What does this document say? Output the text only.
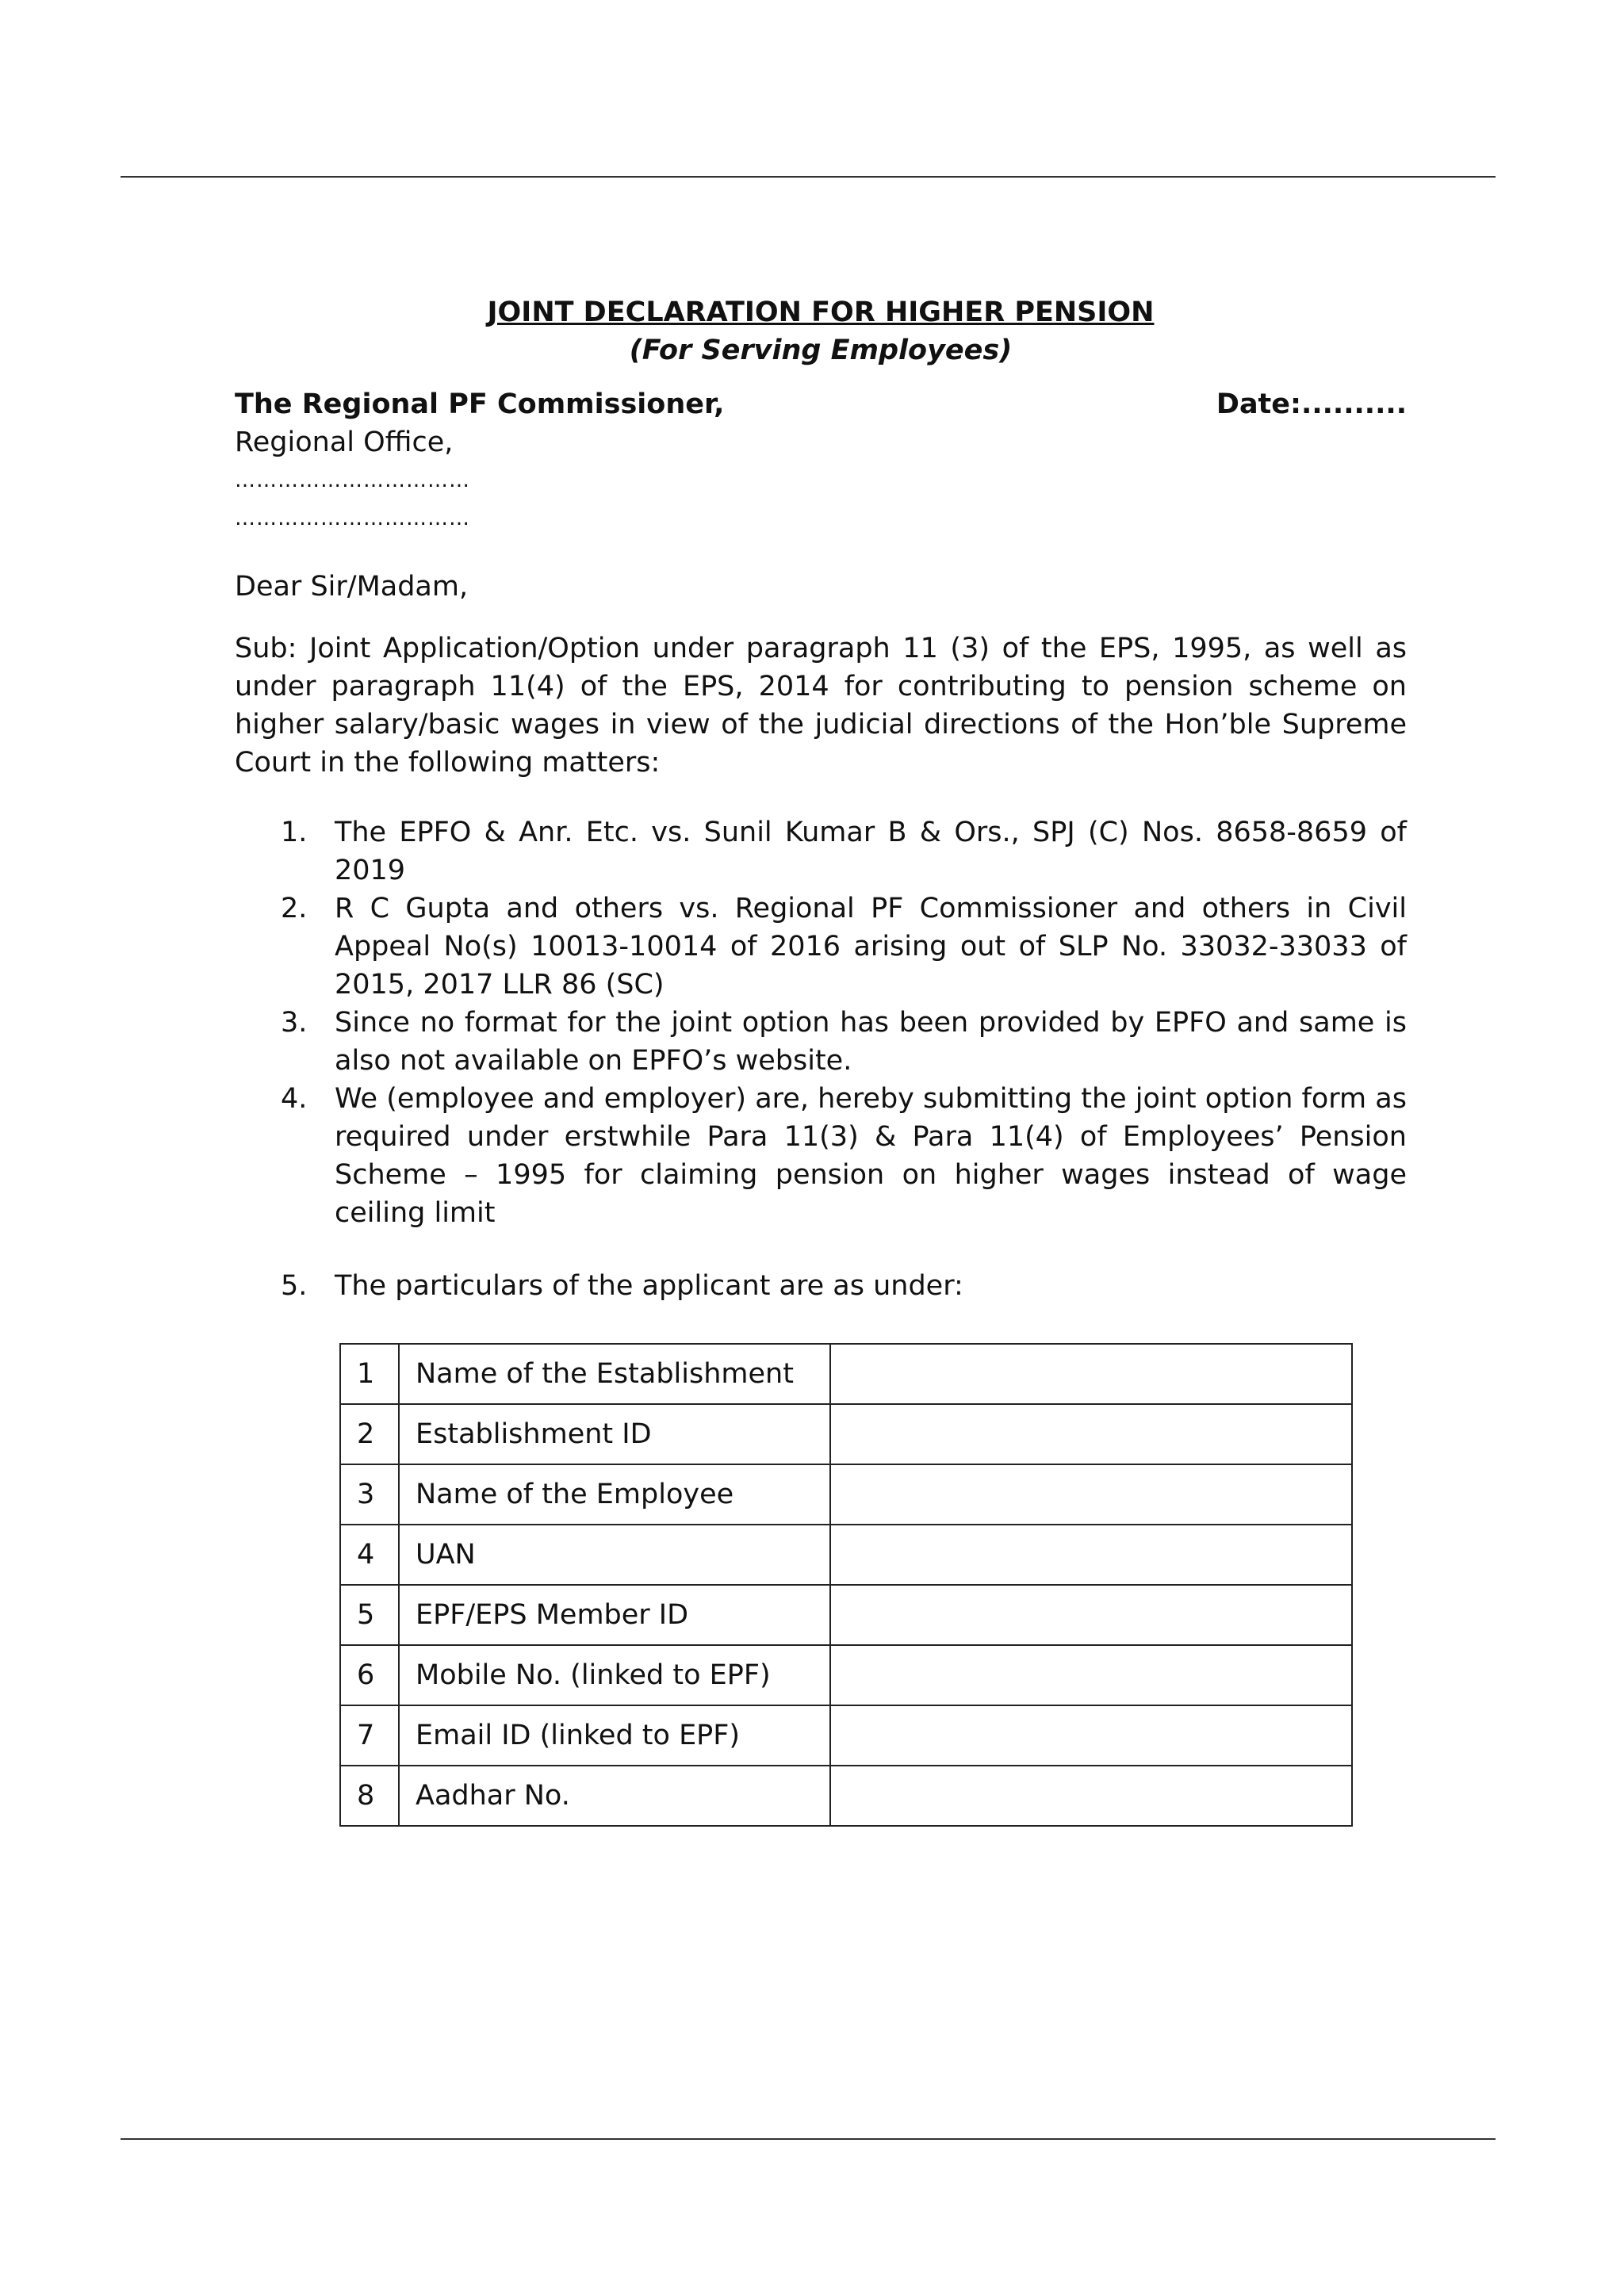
JOINT DECLARATION FOR HIGHER PENSION

(For Serving Employees)

The Regional PF Commissioner,	Date:..........

Regional Office,

……………………………

……………………………

Dear Sir/Madam,

Sub: Joint Application/Option under paragraph 11 (3) of the EPS, 1995, as well as under paragraph 11(4) of the EPS, 2014 for contributing to pension scheme on higher salary/basic wages in view of the judicial directions of the Hon’ble Supreme Court in the following matters:

1. The EPFO & Anr. Etc. vs. Sunil Kumar B & Ors., SPJ (C) Nos. 8658-8659 of 2019
2. R C Gupta and others vs. Regional PF Commissioner and others in Civil Appeal No(s) 10013-10014 of 2016 arising out of SLP No. 33032-33033 of 2015, 2017 LLR 86 (SC)
3. Since no format for the joint option has been provided by EPFO and same is also not available on EPFO’s website.
4. We (employee and employer) are, hereby submitting the joint option form as required under erstwhile Para 11(3) & Para 11(4) of Employees’ Pension Scheme – 1995 for claiming pension on higher wages instead of wage ceiling limit
5. The particulars of the applicant are as under:
1	Name of the Establishment	
2	Establishment ID	
3	Name of the Employee	
4	UAN	
5	EPF/EPS Member ID	
6	Mobile No. (linked to EPF)	
7	Email ID (linked to EPF)	
8	Aadhar No.	
